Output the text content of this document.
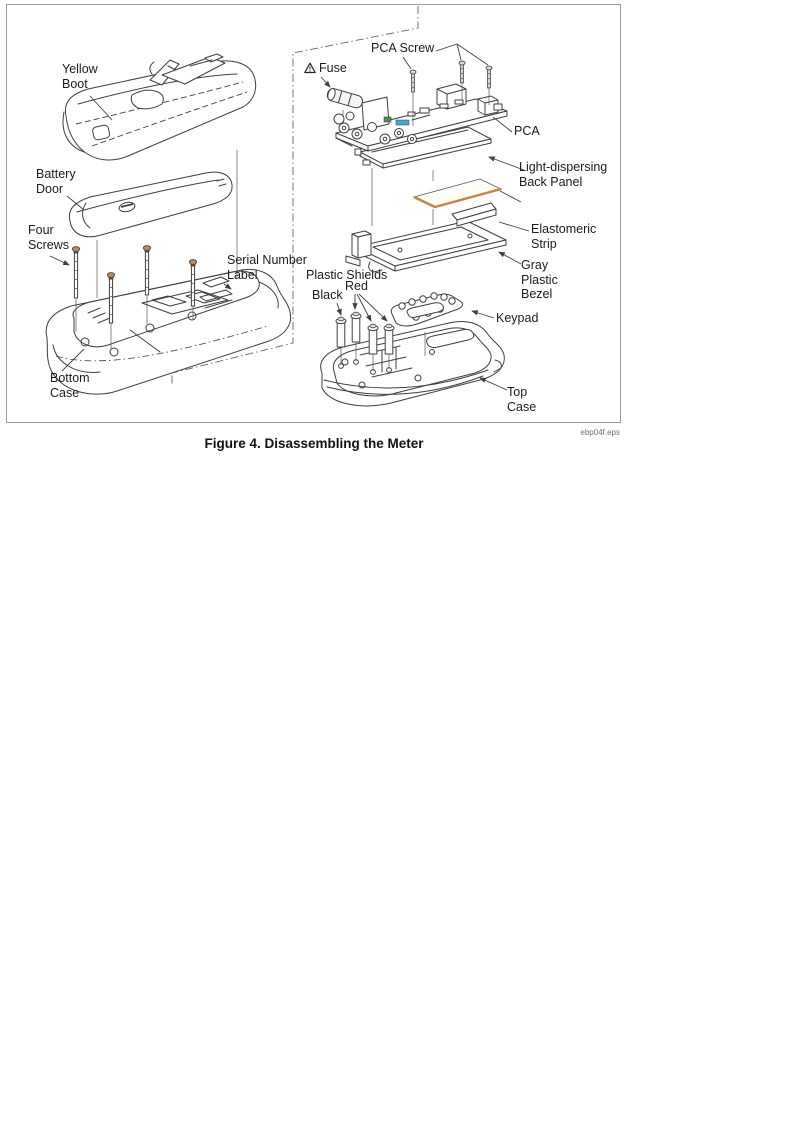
Yellow Boot
Battery Door
Four Screws
Serial Number Label
Bottom Case
Fuse
PCA Screw
PCA
Light-dispersing Back Panel
Elastomeric Strip
Gray Plastic Bezel
Plastic Shields
Black
Red
Keypad
Top Case
ebp04f.eps
Figure 4. Disassembling the Meter
